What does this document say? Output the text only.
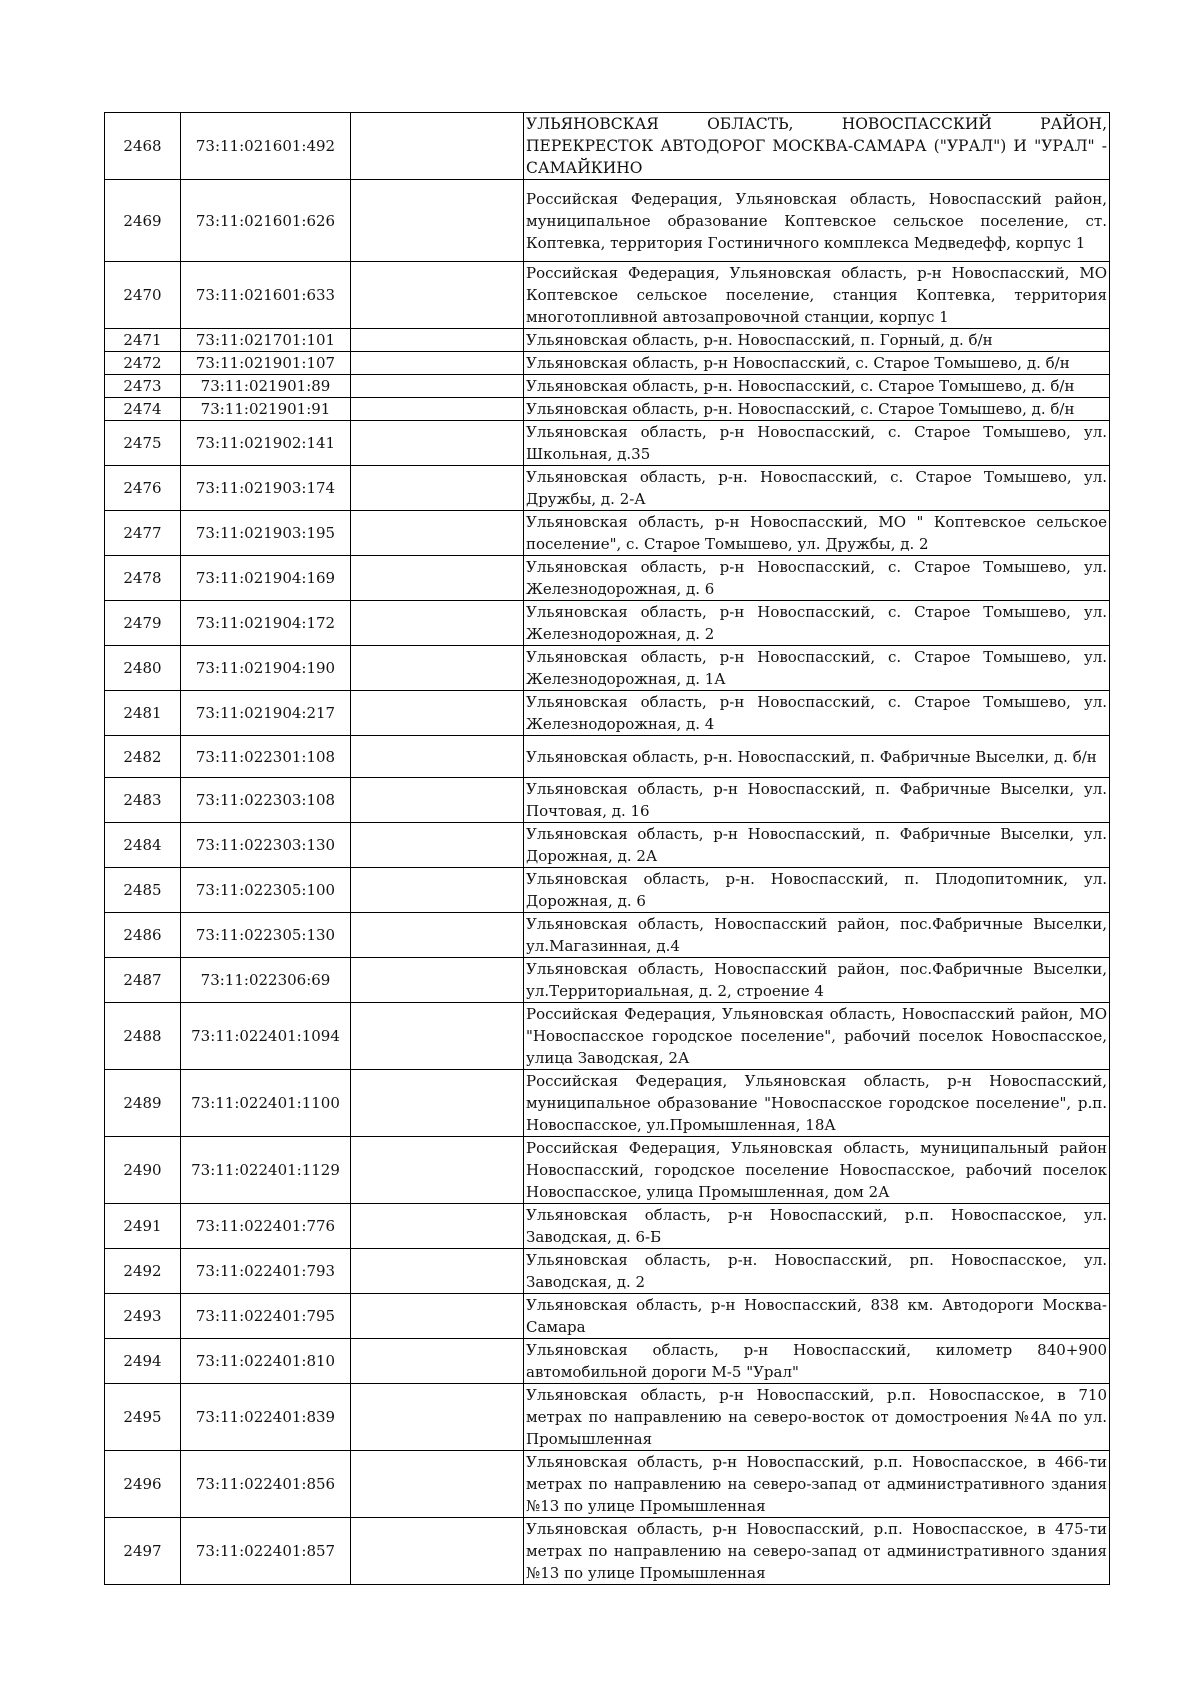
2468	73:11:021601:492		УЛЬЯНОВСКАЯ ОБЛАСТЬ, НОВОСПАССКИЙ РАЙОН, ПЕРЕКРЕСТОК АВТОДОРОГ МОСКВА-САМАРА ("УРАЛ") И "УРАЛ" - САМАЙКИНО
2469	73:11:021601:626		Российская Федерация, Ульяновская область, Новоспасский район, муниципальное образование Коптевское сельское поселение, ст. Коптевка, территория Гостиничного комплекса Медведефф, корпус 1
2470	73:11:021601:633		Российская Федерация, Ульяновская область, р-н Новоспасский, МО Коптевское сельское поселение, станция Коптевка, территория многотопливной автозапровочной станции, корпус 1
2471	73:11:021701:101		Ульяновская область, р-н. Новоспасский, п. Горный, д. б/н
2472	73:11:021901:107		Ульяновская область, р-н Новоспасский, с. Старое Томышево, д. б/н
2473	73:11:021901:89		Ульяновская область, р-н. Новоспасский, с. Старое Томышево, д. б/н
2474	73:11:021901:91		Ульяновская область, р-н. Новоспасский, с. Старое Томышево, д. б/н
2475	73:11:021902:141		Ульяновская область, р-н Новоспасский, с. Старое Томышево, ул. Школьная, д.35
2476	73:11:021903:174		Ульяновская область, р-н. Новоспасский, с. Старое Томышево, ул. Дружбы, д. 2-А
2477	73:11:021903:195		Ульяновская область, р-н Новоспасский, МО " Коптевское сельское поселение", с. Старое Томышево, ул. Дружбы, д. 2
2478	73:11:021904:169		Ульяновская область, р-н Новоспасский, с. Старое Томышево, ул. Железнодорожная, д. 6
2479	73:11:021904:172		Ульяновская область, р-н Новоспасский, с. Старое Томышево, ул. Железнодорожная, д. 2
2480	73:11:021904:190		Ульяновская область, р-н Новоспасский, с. Старое Томышево, ул. Железнодорожная, д. 1А
2481	73:11:021904:217		Ульяновская область, р-н Новоспасский, с. Старое Томышево, ул. Железнодорожная, д. 4
2482	73:11:022301:108		Ульяновская область, р-н. Новоспасский, п. Фабричные Выселки, д. б/н
2483	73:11:022303:108		Ульяновская область, р-н Новоспасский, п. Фабричные Выселки, ул. Почтовая, д. 16
2484	73:11:022303:130		Ульяновская область, р-н Новоспасский, п. Фабричные Выселки, ул. Дорожная, д. 2А
2485	73:11:022305:100		Ульяновская область, р-н. Новоспасский, п. Плодопитомник, ул. Дорожная, д. 6
2486	73:11:022305:130		Ульяновская область, Новоспасский район, пос.Фабричные Выселки, ул.Магазинная, д.4
2487	73:11:022306:69		Ульяновская область, Новоспасский район, пос.Фабричные Выселки, ул.Территориальная, д. 2, строение 4
2488	73:11:022401:1094		Российская Федерация, Ульяновская область, Новоспасский район, МО "Новоспасское городское поселение", рабочий поселок Новоспасское, улица Заводская, 2А
2489	73:11:022401:1100		Российская Федерация, Ульяновская область, р-н Новоспасский, муниципальное образование "Новоспасское городское поселение", р.п. Новоспасское, ул.Промышленная, 18А
2490	73:11:022401:1129		Российская Федерация, Ульяновская область, муниципальный район Новоспасский, городское поселение Новоспасское, рабочий поселок Новоспасское, улица Промышленная, дом 2А
2491	73:11:022401:776		Ульяновская область, р-н Новоспасский, р.п. Новоспасское, ул. Заводская, д. 6-Б
2492	73:11:022401:793		Ульяновская область, р-н. Новоспасский, рп. Новоспасское, ул. Заводская, д. 2
2493	73:11:022401:795		Ульяновская область, р-н Новоспасский, 838 км. Автодороги Москва-Самара
2494	73:11:022401:810		Ульяновская область, р-н Новоспасский, километр 840+900 автомобильной дороги М-5 "Урал"
2495	73:11:022401:839		Ульяновская область, р-н Новоспасский, р.п. Новоспасское, в 710 метрах по направлению на северо-восток от домостроения №4А по ул. Промышленная
2496	73:11:022401:856		Ульяновская область, р-н Новоспасский, р.п. Новоспасское, в 466-ти метрах по направлению на северо-запад от административного здания №13 по улице Промышленная
2497	73:11:022401:857		Ульяновская область, р-н Новоспасский, р.п. Новоспасское, в 475-ти метрах по направлению на северо-запад от административного здания №13 по улице Промышленная
